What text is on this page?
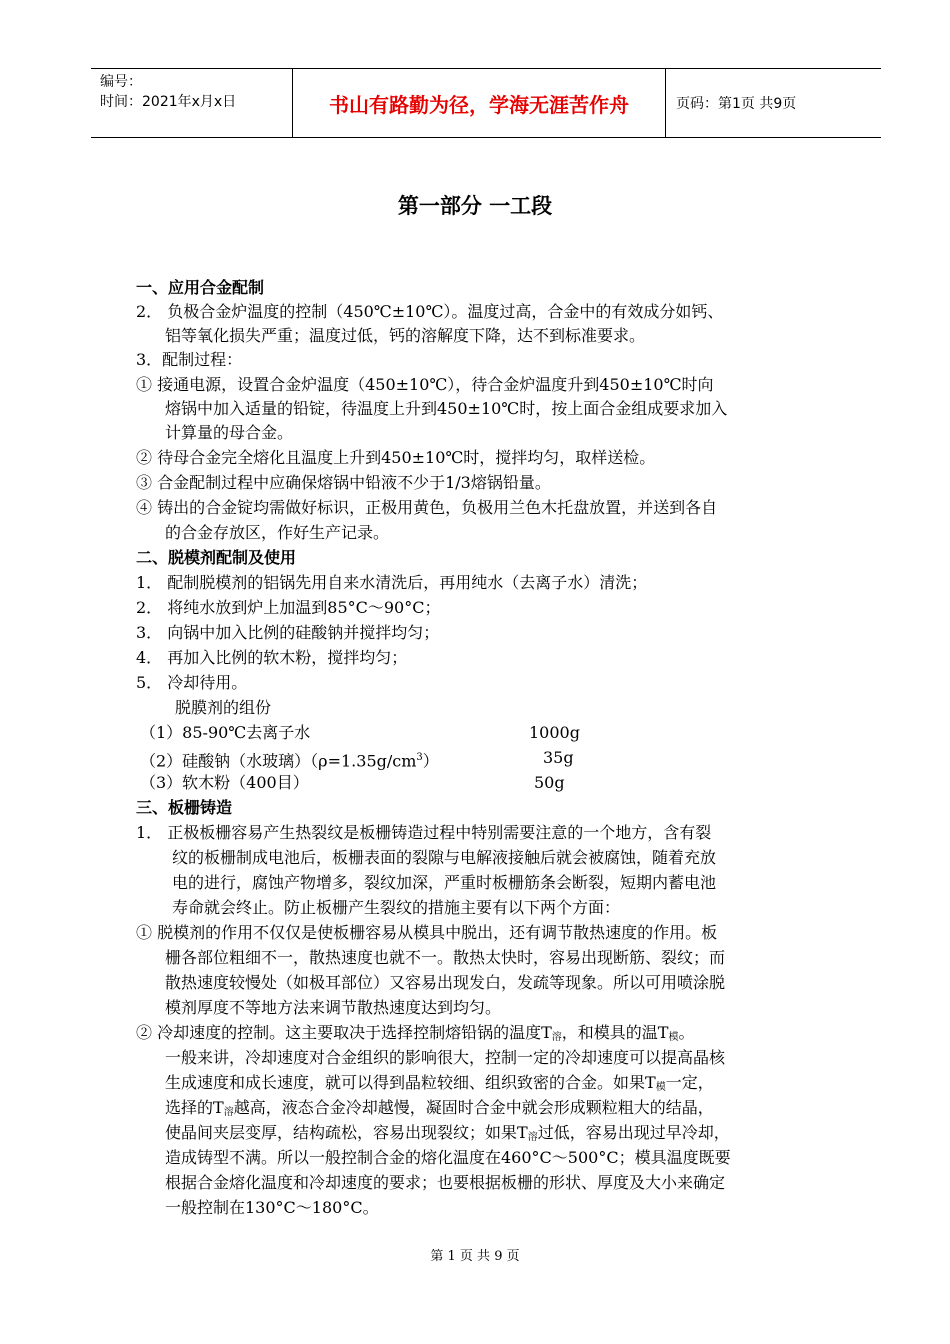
编号：
时间：2021年x月x日	书山有路勤为径，学海无涯苦作舟	页码：第1页 共9页
第一部分 一工段
一、应用合金配制
2． 负极合金炉温度的控制（450℃±10℃）。温度过高，合金中的有效成分如钙、
铝等氧化损失严重；温度过低，钙的溶解度下降，达不到标准要求。
3．配制过程：
① 接通电源，设置合金炉温度（450±10℃），待合金炉温度升到450±10℃时向
熔锅中加入适量的铅锭，待温度上升到450±10℃时，按上面合金组成要求加入
计算量的母合金。
② 待母合金完全熔化且温度上升到450±10℃时，搅拌均匀，取样送检。
③ 合金配制过程中应确保熔锅中铅液不少于1/3熔锅铅量。
④ 铸出的合金锭均需做好标识，正极用黄色，负极用兰色木托盘放置，并送到各自
的合金存放区，作好生产记录。
二、脱模剂配制及使用
1． 配制脱模剂的铝锅先用自来水清洗后，再用纯水（去离子水）清洗；
2． 将纯水放到炉上加温到85°C～90°C；
3． 向锅中加入比例的硅酸钠并搅拌均匀；
4． 再加入比例的软木粉，搅拌均匀；
5． 冷却待用。
脱膜剂的组份
（1）85-90℃去离子水	1000g
（2）硅酸钠（水玻璃）$(\rho=1.35g/cm^3)$	35g
（3）软木粉（400目）	50g
三、板栅铸造
1． 正极板栅容易产生热裂纹是板栅铸造过程中特别需要注意的一个地方，含有裂
纹的板栅制成电池后，板栅表面的裂隙与电解液接触后就会被腐蚀，随着充放
电的进行，腐蚀产物增多，裂纹加深，严重时板栅筋条会断裂，短期内蓄电池
寿命就会终止。防止板栅产生裂纹的措施主要有以下两个方面：
① 脱模剂的作用不仅仅是使板栅容易从模具中脱出，还有调节散热速度的作用。板
栅各部位粗细不一，散热速度也就不一。散热太快时，容易出现断筋、裂纹；而
散热速度较慢处（如极耳部位）又容易出现发白，发疏等现象。所以可用喷涂脱
模剂厚度不等地方法来调节散热速度达到均匀。
② 冷却速度的控制。这主要取决于选择控制熔铅锅的温度$T_溶$，和模具的温$T_模$。
一般来讲，冷却速度对合金组织的影响很大，控制一定的冷却速度可以提高晶核
生成速度和成长速度，就可以得到晶粒较细、组织致密的合金。如果$T_模$一定，
选择的$T_溶$越高，液态合金冷却越慢，凝固时合金中就会形成颗粒粗大的结晶，
使晶间夹层变厚，结构疏松，容易出现裂纹；如果$T_溶$过低，容易出现过早冷却，
造成铸型不满。所以一般控制合金的熔化温度在460°C～500°C；模具温度既要
根据合金熔化温度和冷却速度的要求；也要根据板栅的形状、厚度及大小来确定
一般控制在130°C～180°C。
第 1 页 共 9 页
